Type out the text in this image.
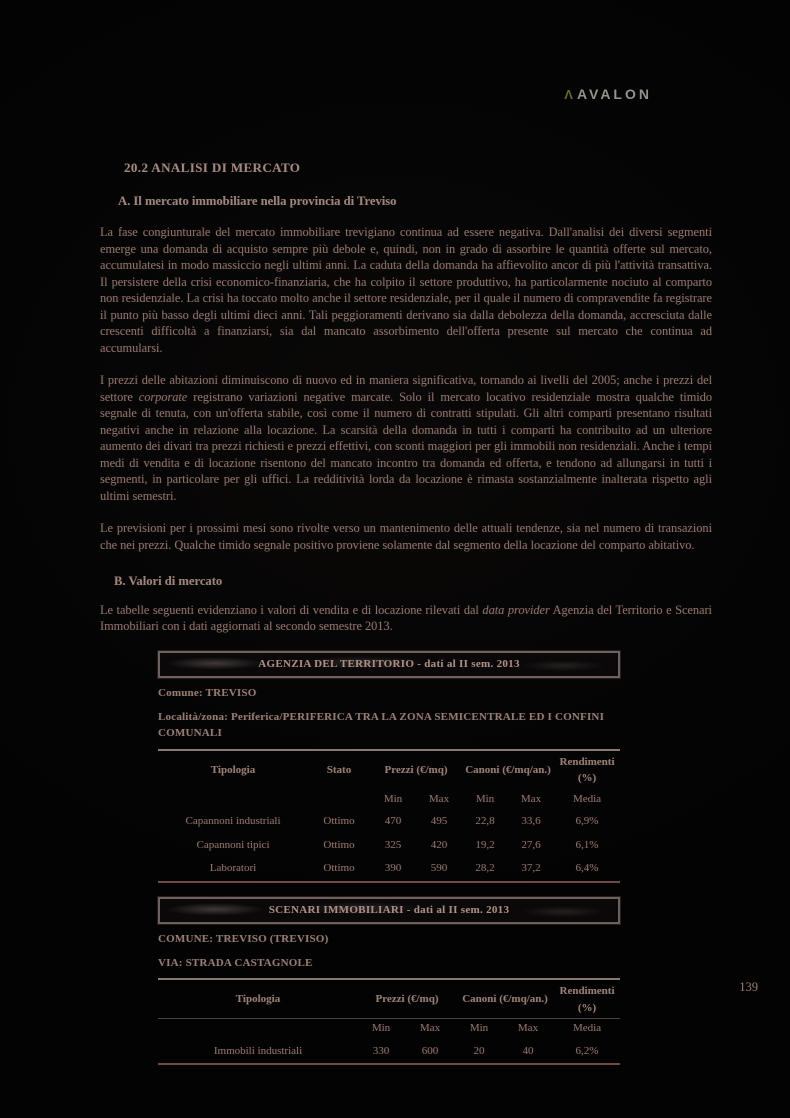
Λ AVALON
20.2 ANALISI DI MERCATO
A. Il mercato immobiliare nella provincia di Treviso

La fase congiunturale del mercato immobiliare trevigiano continua ad essere negativa. Dall'analisi dei diversi segmenti emerge una domanda di acquisto sempre più debole e, quindi, non in grado di assorbire le quantità offerte sul mercato, accumulatesi in modo massiccio negli ultimi anni. La caduta della domanda ha affievolito ancor di più l'attività transattiva. Il persistere della crisi economico-finanziaria, che ha colpito il settore produttivo, ha particolarmente nociuto al comparto non residenziale. La crisi ha toccato molto anche il settore residenziale, per il quale il numero di compravendite fa registrare il punto più basso degli ultimi dieci anni. Tali peggioramenti derivano sia dalla debolezza della domanda, accresciuta dalle crescenti difficoltà a finanziarsi, sia dal mancato assorbimento dell'offerta presente sul mercato che continua ad accumularsi.

I prezzi delle abitazioni diminuiscono di nuovo ed in maniera significativa, tornando ai livelli del 2005; anche i prezzi del settore corporate registrano variazioni negative marcate. Solo il mercato locativo residenziale mostra qualche timido segnale di tenuta, con un'offerta stabile, così come il numero di contratti stipulati. Gli altri comparti presentano risultati negativi anche in relazione alla locazione. La scarsità della domanda in tutti i comparti ha contribuito ad un ulteriore aumento dei divari tra prezzi richiesti e prezzi effettivi, con sconti maggiori per gli immobili non residenziali. Anche i tempi medi di vendita e di locazione risentono del mancato incontro tra domanda ed offerta, e tendono ad allungarsi in tutti i segmenti, in particolare per gli uffici. La redditività lorda da locazione è rimasta sostanzialmente inalterata rispetto agli ultimi semestri.

Le previsioni per i prossimi mesi sono rivolte verso un mantenimento delle attuali tendenze, sia nel numero di transazioni che nei prezzi. Qualche timido segnale positivo proviene solamente dal segmento della locazione del comparto abitativo.

B. Valori di mercato

Le tabelle seguenti evidenziano i valori di vendita e di locazione rilevati dal data provider Agenzia del Territorio e Scenari Immobiliari con i dati aggiornati al secondo semestre 2013.

AGENZIA DEL TERRITORIO - dati al II sem. 2013
Comune: TREVISO
Località/zona: Periferica/PERIFERICA TRA LA ZONA SEMICENTRALE ED I CONFINI COMUNALI
Tipologia	Stato	Prezzi (€/mq)		Canoni (€/mq/an.)		Rendimenti (%)
		Min	Max	Min	Max	Media
Capannoni industriali	Ottimo	470	495	22,8	33,6	6,9%
Capannoni tipici	Ottimo	325	420	19,2	27,6	6,1%
Laboratori	Ottimo	390	590	28,2	37,2	6,4%
SCENARI IMMOBILIARI - dati al II sem. 2013
COMUNE: TREVISO (TREVISO)
VIA: STRADA CASTAGNOLE
Tipologia	Prezzi (€/mq)		Canoni (€/mq/an.)		Rendimenti (%)
	Min	Max	Min	Max	Media
Immobili industriali	330	600	20	40	6,2%
139
